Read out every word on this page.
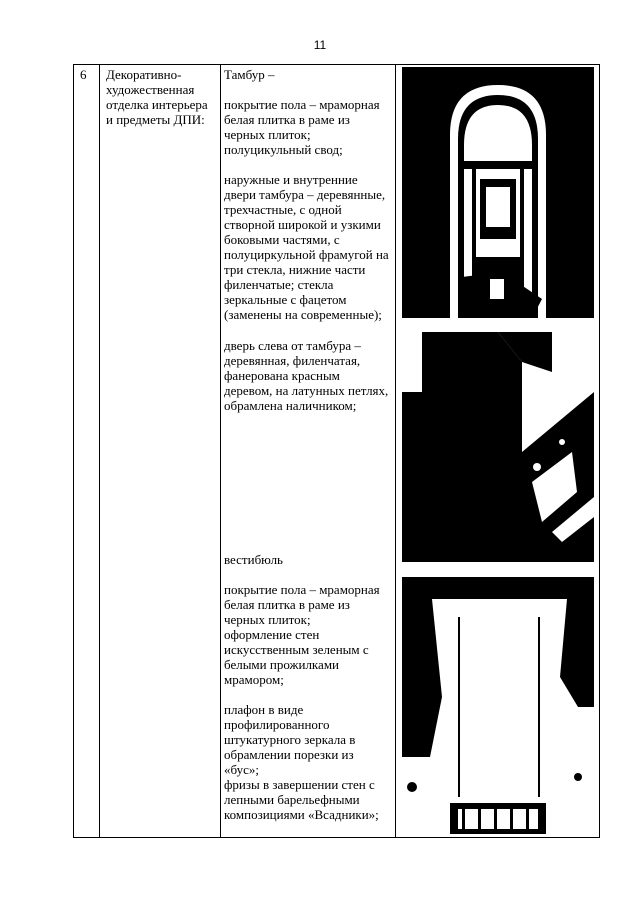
11
6 Декоративно-
художественная
отделка интерьера
и предметы ДПИ:
Тамбур –
покрытие пола – мраморная
белая плитка в раме из
черных плиток;
полуцикульный свод;
наружные и внутренние
двери тамбура – деревянные,
трехчастные, с одной
створной широкой и узкими
боковыми частями, с
полуциркульной фрамугой на
три стекла, нижние части
филенчатые; стекла
зеркальные с фацетом
(заменены на современные);
дверь слева от тамбура –
деревянная, филенчатая,
фанерована красным
деревом, на латунных петлях,
обрамлена наличником;
вестибюль
покрытие пола – мраморная
белая плитка в раме из
черных плиток;
оформление стен
искусственным зеленым с
белыми прожилками
мрамором;
плафон в виде
профилированного
штукатурного зеркала в
обрамлении порезки из
«бус»;
фризы в завершении стен с
лепными барельефными
композициями «Всадники»;
